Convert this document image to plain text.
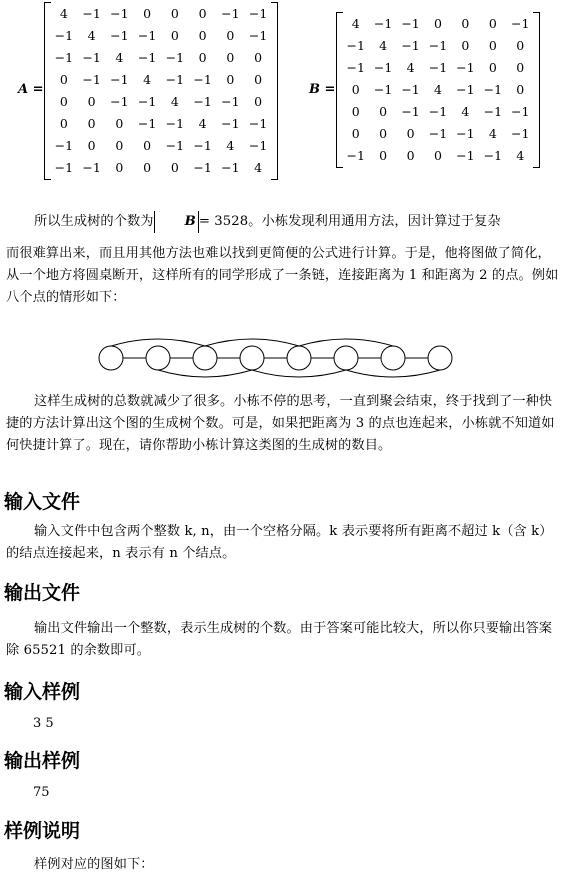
A =
4	−1	−1	0	0	0	−1	−1
−1	4	−1	−1	0	0	0	−1
−1	−1	4	−1	−1	0	0	0
0	−1	−1	4	−1	−1	0	0
0	0	−1	−1	4	−1	−1	0
0	0	0	−1	−1	4	−1	−1
−1	0	0	0	−1	−1	4	−1
−1	−1	0	0	0	−1	−1	4
B =
4	−1	−1	0	0	0	−1
−1	4	−1	−1	0	0	0
−1	−1	4	−1	−1	0	0
0	−1	−1	4	−1	−1	0
0	0	−1	−1	4	−1	−1
0	0	0	−1	−1	4	−1
−1	0	0	0	−1	−1	4
所以生成树的个数为 B = 3528。小栋发现利用通用方法，因计算过于复杂
而很难算出来，而且用其他方法也难以找到更简便的公式进行计算。于是，他将图做了简化，从一个地方将圆桌断开，这样所有的同学形成了一条链，连接距离为 1 和距离为 2 的点。例如八个点的情形如下：
这样生成树的总数就减少了很多。小栋不停的思考，一直到聚会结束，终于找到了一种快捷的方法计算出这个图的生成树个数。可是，如果把距离为 3 的点也连起来，小栋就不知道如何快捷计算了。现在，请你帮助小栋计算这类图的生成树的数目。
输入文件
输入文件中包含两个整数 k, n，由一个空格分隔。k 表示要将所有距离不超过 k（含 k）的结点连接起来，n 表示有 n 个结点。
输出文件
输出文件输出一个整数，表示生成树的个数。由于答案可能比较大，所以你只要输出答案除 65521 的余数即可。
输入样例
3 5
输出样例
75
样例说明
样例对应的图如下：
